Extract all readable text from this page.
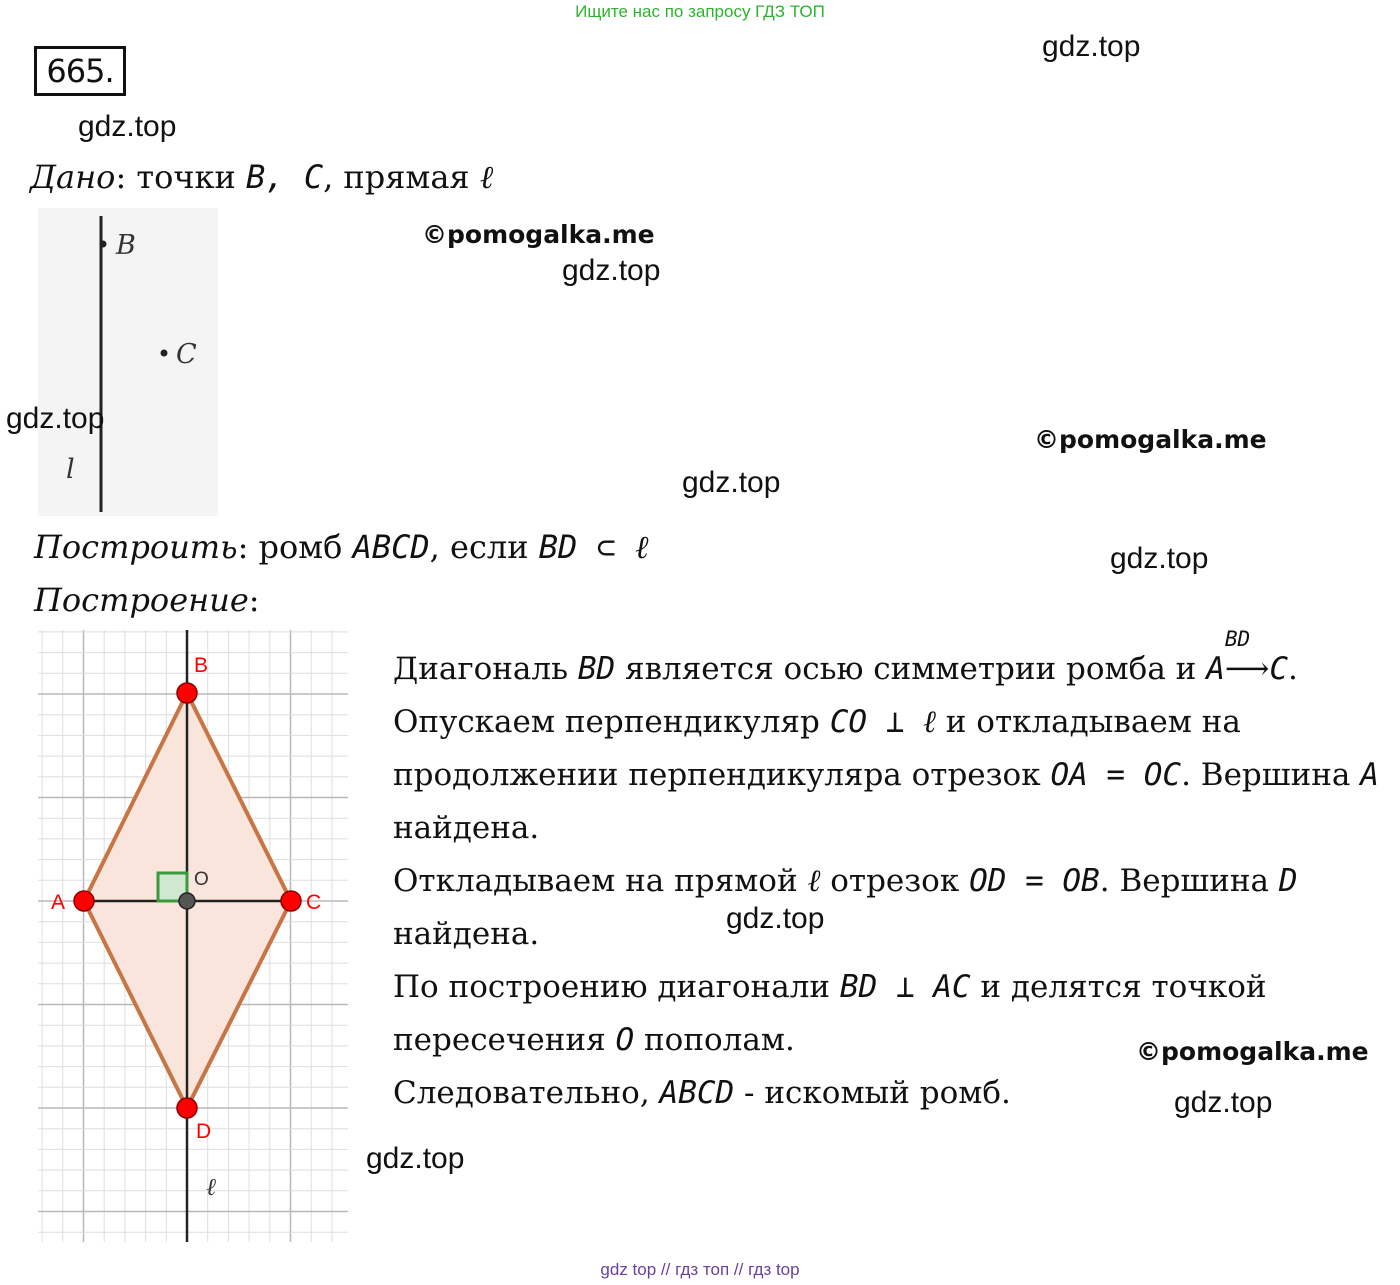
Ищите нас по запросу ГДЗ ТОП
665.
gdz.top
gdz.top
©pomogalka.me
gdz.top
©pomogalka.me
gdz.top
gdz.top
gdz.top
©pomogalka.me
gdz.top
gdz.top
Дано: точки B, C, прямая ℓ
B
C
l
gdz.top
Построить: ромб ABCD, если BD ⊂ ℓ
Построение:
A
B
C
D
O
ℓ
Диагональ BD является осью симметрии ромба и A
BD
⟶C.
Опускаем перпендикуляр CO ⊥ ℓ и откладываем на
продолжении перпендикуляра отрезок OA = OC. Вершина A
найдена.
Откладываем на прямой ℓ отрезок OD = OB. Вершина D
найдена.
По построению диагонали BD ⊥ AC и делятся точкой
пересечения O пополам.
Следовательно, ABCD - искомый ромб.
gdz top // гдз топ // гдз top
